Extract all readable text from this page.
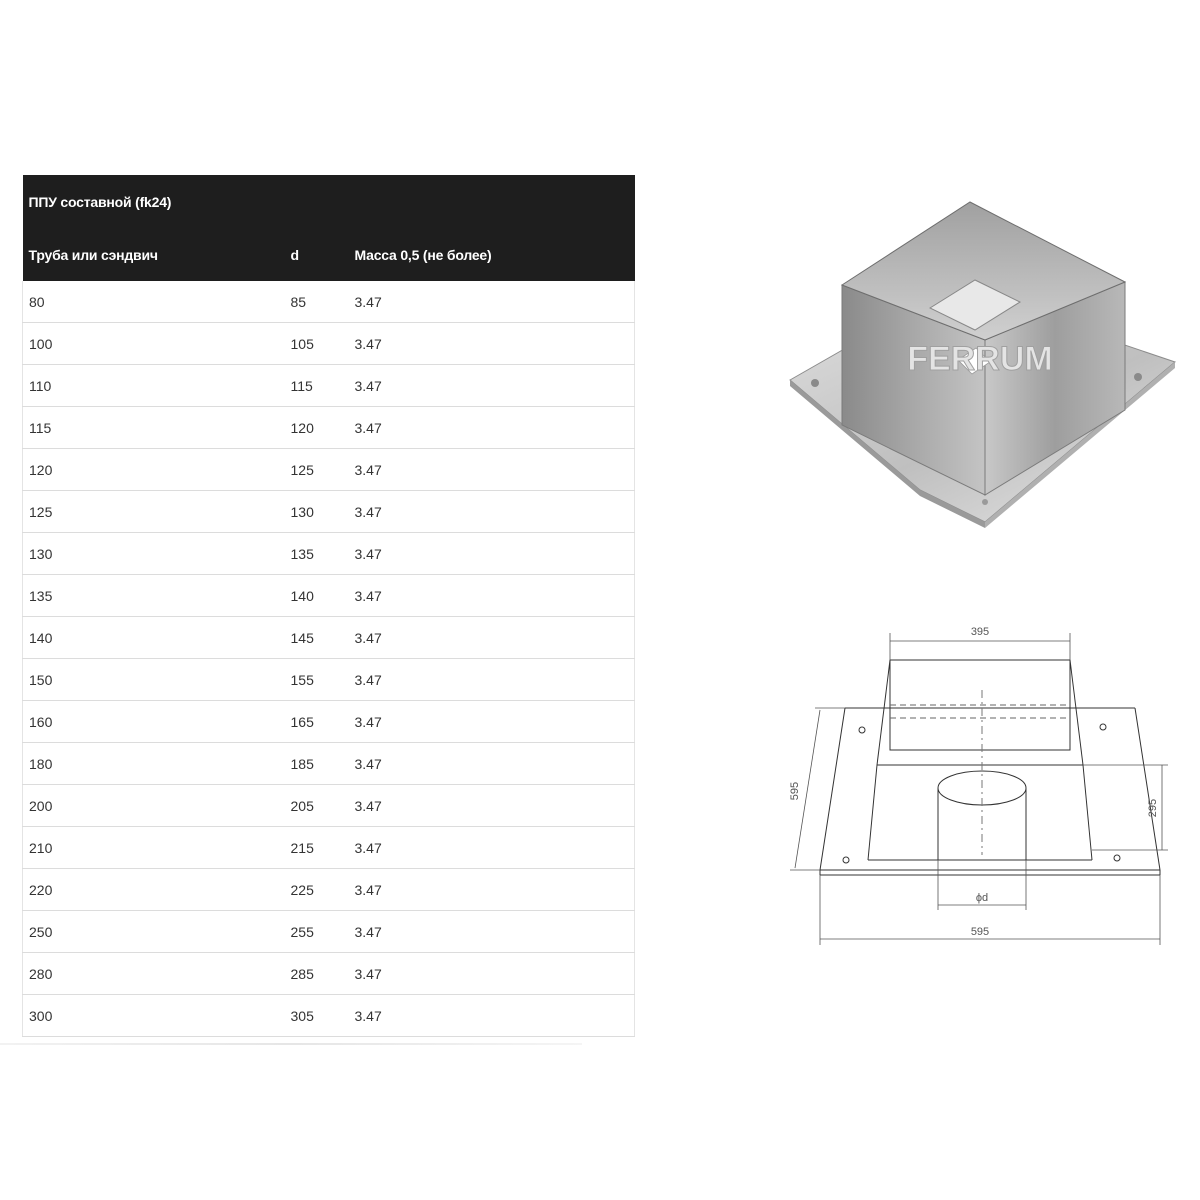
ППУ составной (fk24)		
Труба или сэндвич	d	Масса 0,5 (не более)
80	85	3.47
100	105	3.47
110	115	3.47
115	120	3.47
120	125	3.47
125	130	3.47
130	135	3.47
135	140	3.47
140	145	3.47
150	155	3.47
160	165	3.47
180	185	3.47
200	205	3.47
210	215	3.47
220	225	3.47
250	255	3.47
280	285	3.47
300	305	3.47
FERRUM
395
595
ϕd
595
295
